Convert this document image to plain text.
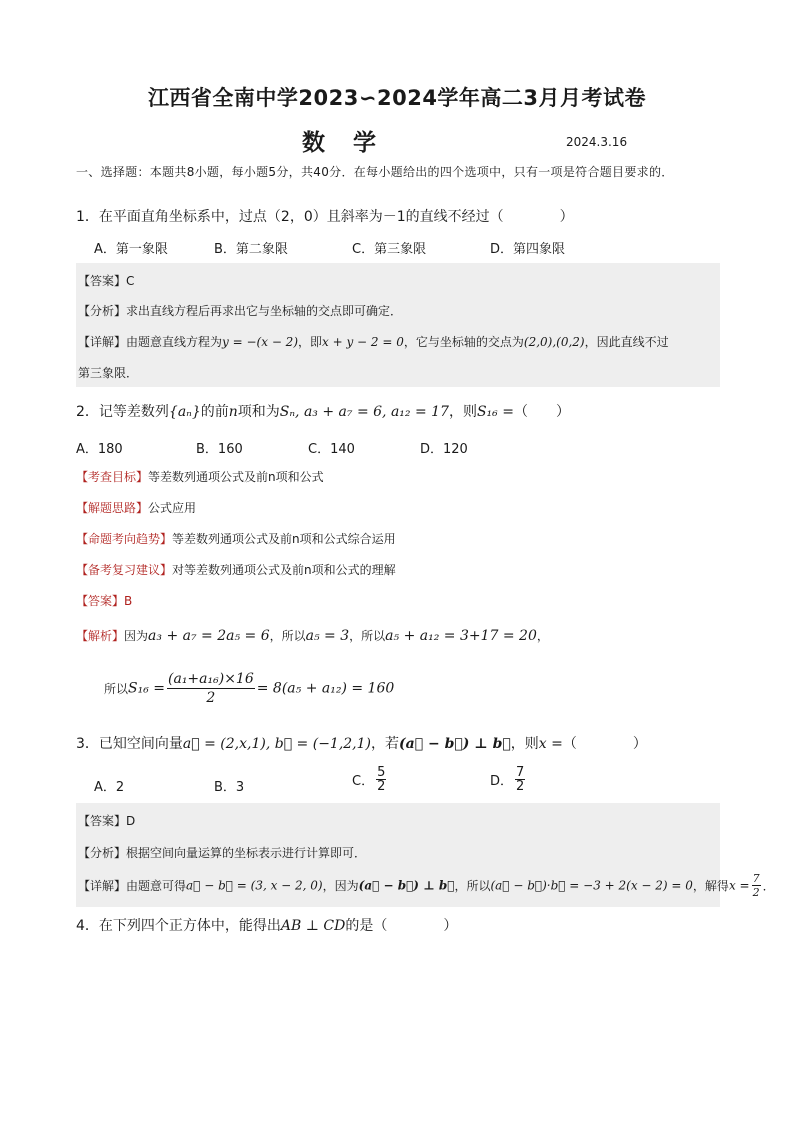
江西省全南中学2023∽2024学年高二3月月考试卷
数学	2024.3.16
一、选择题：本题共8小题，每小题5分，共40分．在每小题给出的四个选项中，只有一项是符合题目要求的．
1．在平面直角坐标系中，过点（2，0）且斜率为－1的直线不经过（　　　　）
A．第一象限	B．第二象限	C．第三象限	D．第四象限
【答案】C
【分析】求出直线方程后再求出它与坐标轴的交点即可确定．
【详解】由题意直线方程为y = −(x − 2)，即x + y − 2 = 0，它与坐标轴的交点为(2,0),(0,2)，因此直线不过
第三象限．
2．记等差数列{aₙ}的前n项和为Sₙ, a₃ + a₇ = 6, a₁₂ = 17，则S₁₆ =（　　）
A．180	B．160	C．140	D．120
【考查目标】等差数列通项公式及前n项和公式
【解题思路】公式应用
【命题考向趋势】等差数列通项公式及前n项和公式综合运用
【备考复习建议】对等差数列通项公式及前n项和公式的理解
【答案】B
【解析】因为a₃ + a₇ = 2a₅ = 6，所以a₅ = 3，所以a₅ + a₁₂ = 3+17 = 20，
所以$S_{16} = \frac{\text{(a₁+a₁₆)×16}}{2} = 8(a_5 + a_{12}) = 160$
3．已知空间向量a⃗ = (2,x,1), b⃗ = (−1,2,1)，若(a⃗ − b⃗) ⊥ b⃗，则x =（　　　　）
A．2	B．3	C． $\frac{5}{2}$	D． $\frac{7}{2}$
【答案】D
【分析】根据空间向量运算的坐标表示进行计算即可．
【详解】由题意可得a⃗ − b⃗ = (3, x − 2, 0)，因为(a⃗ − b⃗) ⊥ b⃗，所以(a⃗ − b⃗)·b⃗ = −3 + 2(x − 2) = 0，解得$x = \frac{7}{2}$ ．
4．在下列四个正方体中，能得出AB ⊥ CD的是（　　　　）
